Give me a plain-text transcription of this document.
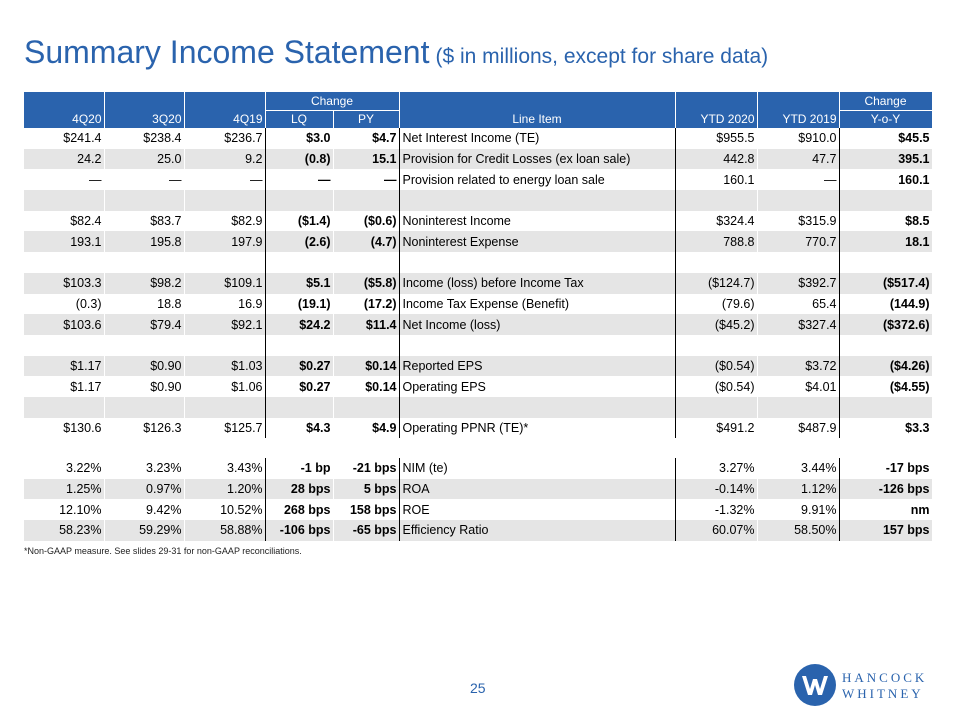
Summary Income Statement ($ in millions, except for share data)
			Change					Change
4Q20	3Q20	4Q19	LQ	PY	Line Item	YTD 2020	YTD 2019	Y-o-Y
$241.4	$238.4	$236.7	$3.0	$4.7	Net Interest Income (TE)	$955.5	$910.0	$45.5
24.2	25.0	9.2	(0.8)	15.1	Provision for Credit Losses (ex loan sale)	442.8	47.7	395.1
—	—	—	—	—	Provision related to energy loan sale	160.1	—	160.1

$82.4	$83.7	$82.9	($1.4)	($0.6)	Noninterest Income	$324.4	$315.9	$8.5
193.1	195.8	197.9	(2.6)	(4.7)	Noninterest Expense	788.8	770.7	18.1

$103.3	$98.2	$109.1	$5.1	($5.8)	Income (loss) before Income Tax	($124.7)	$392.7	($517.4)
(0.3)	18.8	16.9	(19.1)	(17.2)	Income Tax Expense (Benefit)	(79.6)	65.4	(144.9)
$103.6	$79.4	$92.1	$24.2	$11.4	Net Income (loss)	($45.2)	$327.4	($372.6)

$1.17	$0.90	$1.03	$0.27	$0.14	Reported EPS	($0.54)	$3.72	($4.26)
$1.17	$0.90	$1.06	$0.27	$0.14	Operating EPS	($0.54)	$4.01	($4.55)

$130.6	$126.3	$125.7	$4.3	$4.9	Operating PPNR (TE)*	$491.2	$487.9	$3.3
3.22%	3.23%	3.43%	-1 bp	-21 bps	NIM (te)	3.27%	3.44%	-17 bps
1.25%	0.97%	1.20%	28 bps	5 bps	ROA	-0.14%	1.12%	-126 bps
12.10%	9.42%	10.52%	268 bps	158 bps	ROE	-1.32%	9.91%	nm
58.23%	59.29%	58.88%	-106 bps	-65 bps	Efficiency Ratio	60.07%	58.50%	157 bps
*Non-GAAP measure. See slides 29-31 for non-GAAP reconciliations.
25
HANCOCK
WHITNEY
